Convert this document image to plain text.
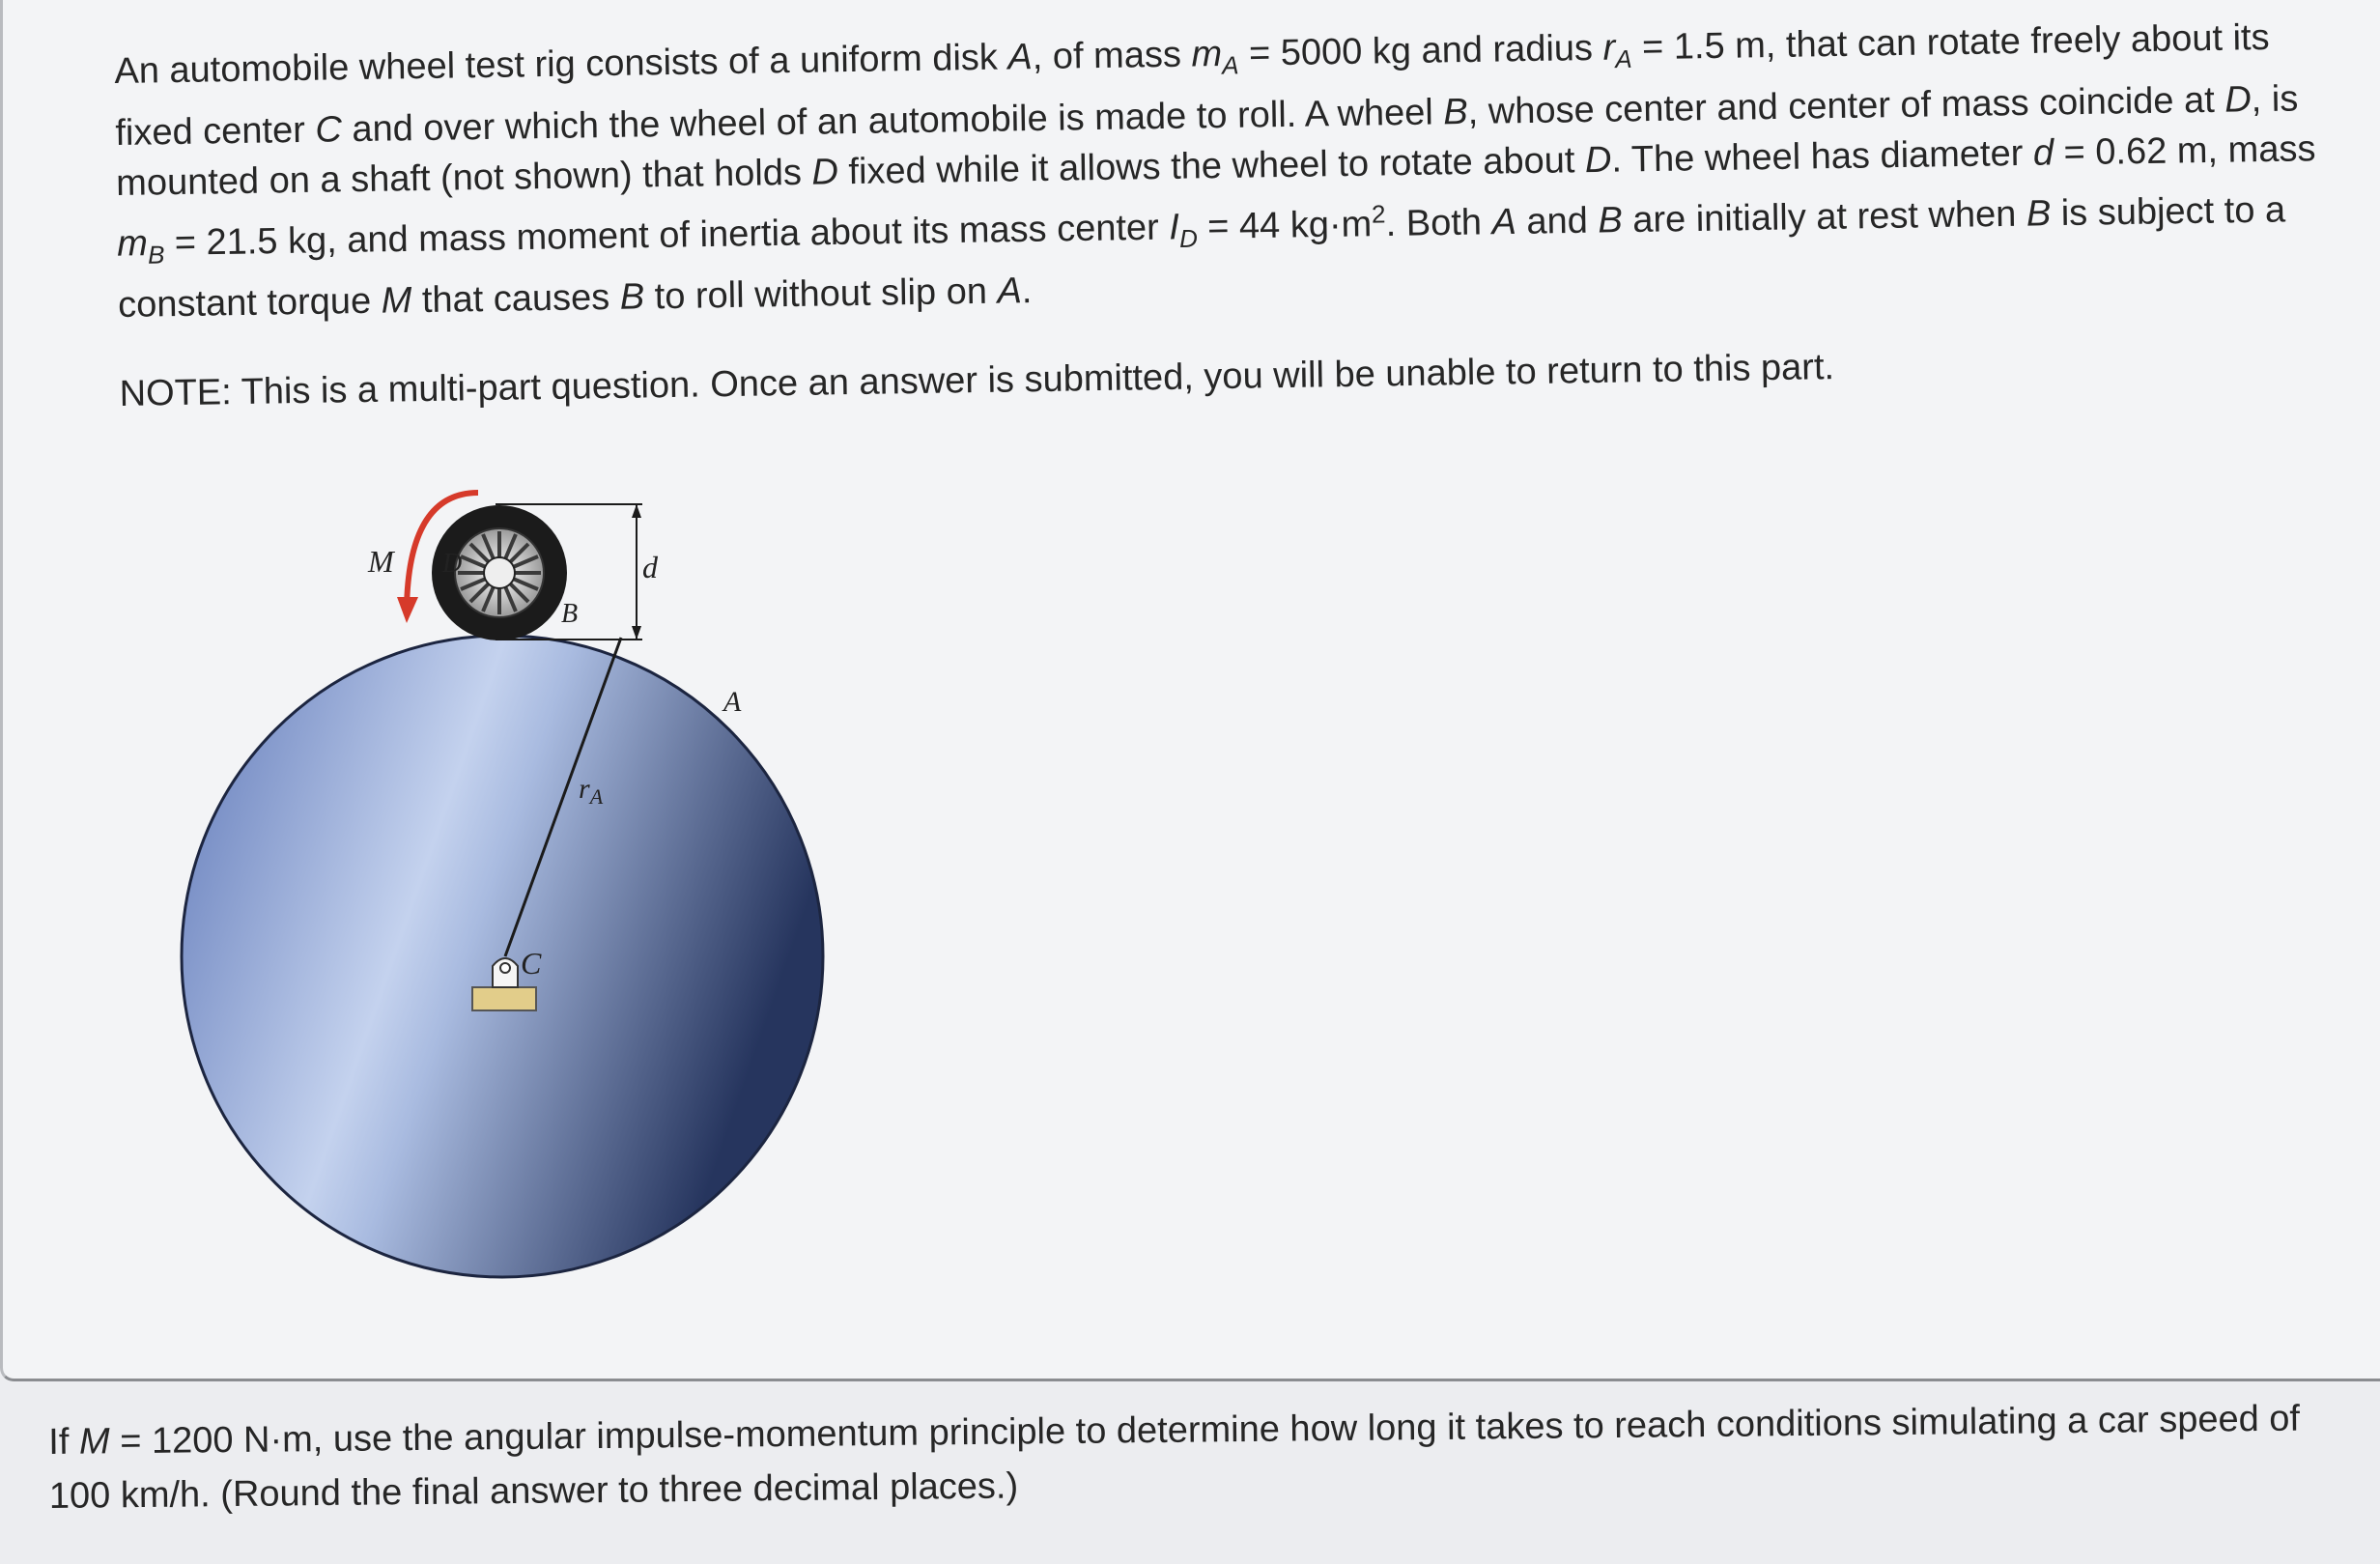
An automobile wheel test rig consists of a uniform disk A, of mass $m_A = 5000$ kg and radius $r_A = 1.5$ m, that can rotate freely about its fixed center C and over which the wheel of an automobile is made to roll. A wheel B, whose center and center of mass coincide at D, is mounted on a shaft (not shown) that holds D fixed while it allows the wheel to rotate about D. The wheel has diameter d = 0.62 m, mass $m_B = 21.5$ kg, and mass moment of inertia about its mass center $I_D = 44$ $kg\cdot m^2$. Both A and B are initially at rest when B is subject to a constant torque M that causes B to roll without slip on A.

NOTE: This is a multi-part question. Once an answer is submitted, you will be unable to return to this part.

M D
B
d
A
$r_A$
C

If M = 1200 N·m, use the angular impulse-momentum principle to determine how long it takes to reach conditions simulating a car speed of 100 km/h. (Round the final answer to three decimal places.)
